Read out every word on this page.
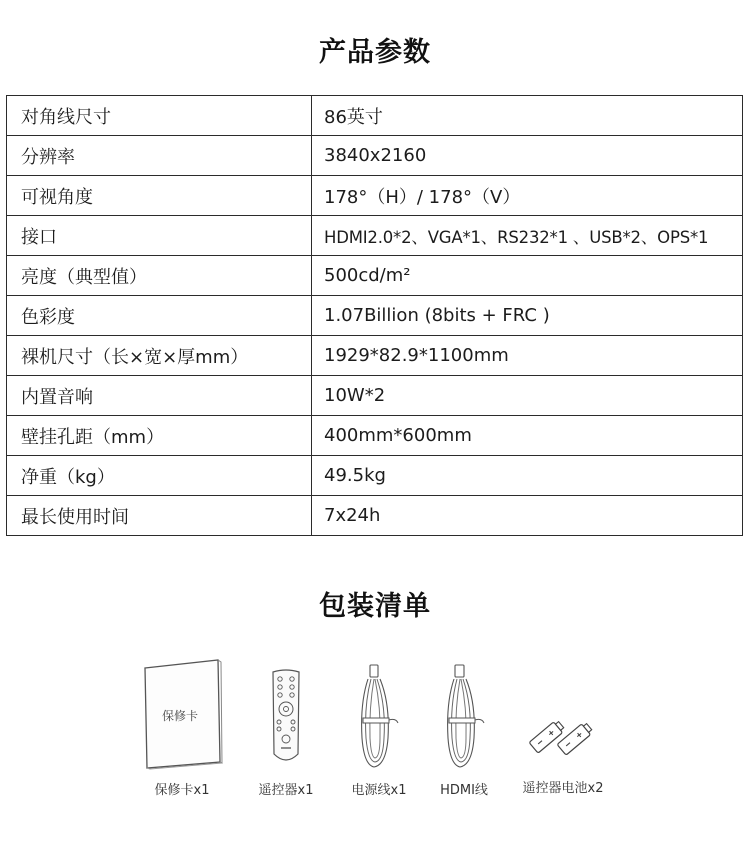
产品参数
对角线尺寸	86英寸
分辨率	3840x2160
可视角度	178°（H）/ 178°（V）
接口	HDMI2.0*2、VGA*1、RS232*1 、USB*2、OPS*1
亮度（典型值）	500cd/m²
色彩度	1.07Billion (8bits + FRC )
裸机尺寸（长×宽×厚mm）	1929*82.9*1100mm
内置音响	10W*2
壁挂孔距（mm）	400mm*600mm
净重（kg）	49.5kg
最长使用时间	7x24h
包装清单
保修卡
保修卡x1	遥控器x1	电源线x1	HDMI线	遥控器电池x2
